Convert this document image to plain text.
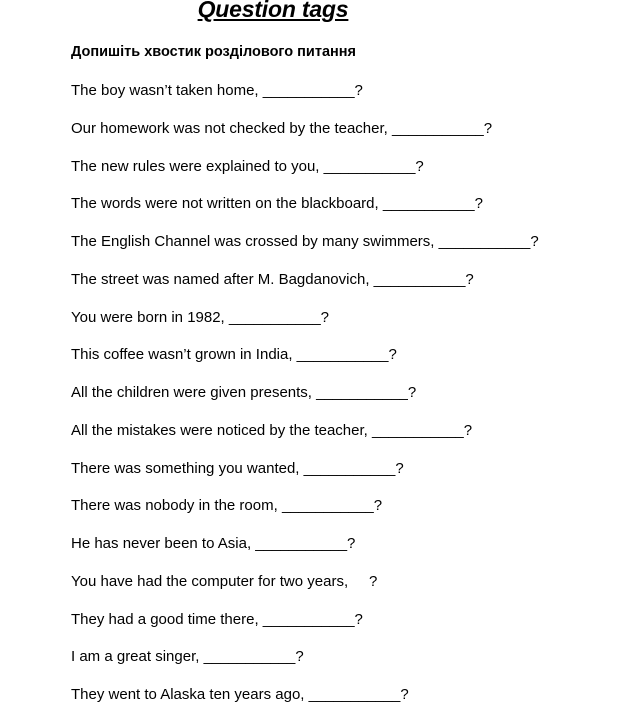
Question tags
Допишіть хвостик розділового питання
The boy wasn’t taken home, ___________?
Our homework was not checked by the teacher, ___________?
The new rules were explained to you, ___________?
The words were not written on the blackboard, ___________?
The English Channel was crossed by many swimmers, ___________?
The street was named after M. Bagdanovich, ___________?
You were born in 1982, ___________?
This coffee wasn’t grown in India, ___________?
All the children were given presents, ___________?
All the mistakes were noticed by the teacher, ___________?
There was something you wanted, ___________?
There was nobody in the room, ___________?
He has never been to Asia, ___________?
You have had the computer for two years,     ?
They had a good time there, ___________?
I am a great singer, ___________?
They went to Alaska ten years ago, ___________?
